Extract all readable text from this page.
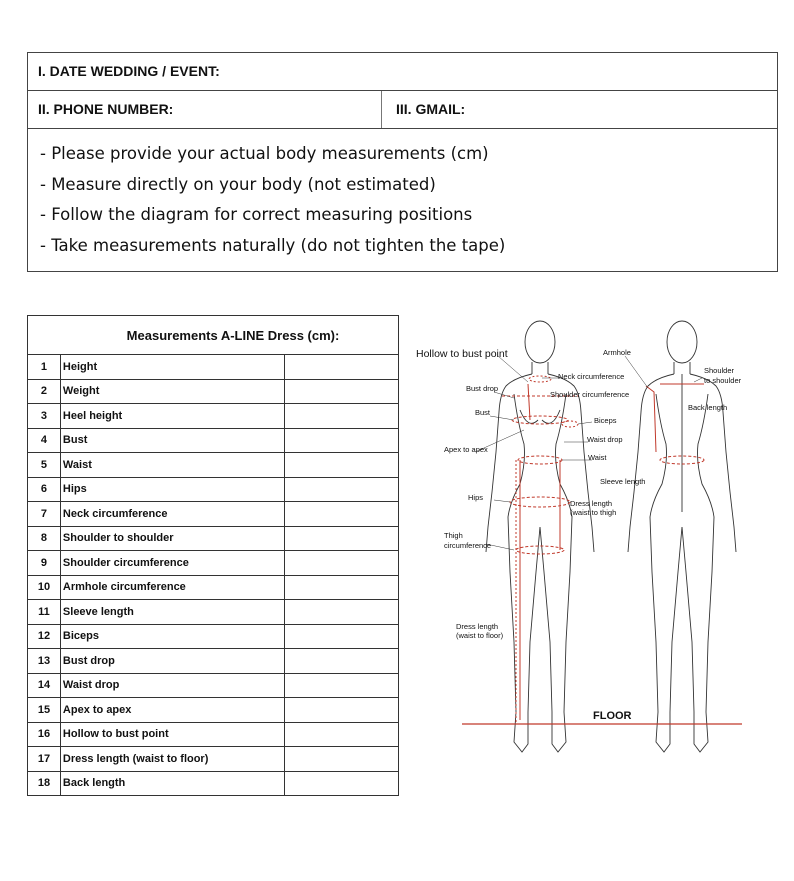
I. DATE WEDDING / EVENT:
II. PHONE NUMBER:	III. GMAIL:
- Please provide your actual body measurements (cm)
- Measure directly on your body (not estimated)
- Follow the diagram for correct measuring positions
- Take measurements naturally (do not tighten the tape)
Measurements A-LINE Dress (cm):		
1	Height	
2	Weight	
3	Heel height	
4	Bust	
5	Waist	
6	Hips	
7	Neck circumference	
8	Shoulder to shoulder	
9	Shoulder circumference	
10	Armhole circumference	
11	Sleeve length	
12	Biceps	
13	Bust drop	
14	Waist drop	
15	Apex to apex	
16	Hollow to bust point	
17	Dress length (waist to floor)	
18	Back length	
Hollow to bust point	Armhole
Neck circumference
Shoulder
to shoulder
Bust drop
Shoulder circumference
Bust
Back length
Biceps
Waist drop
Apex to apex
Waist
Sleeve length
Hips
Dress length
(waist to thigh
Thigh
circumference
Dress length
(waist to floor)
FLOOR
